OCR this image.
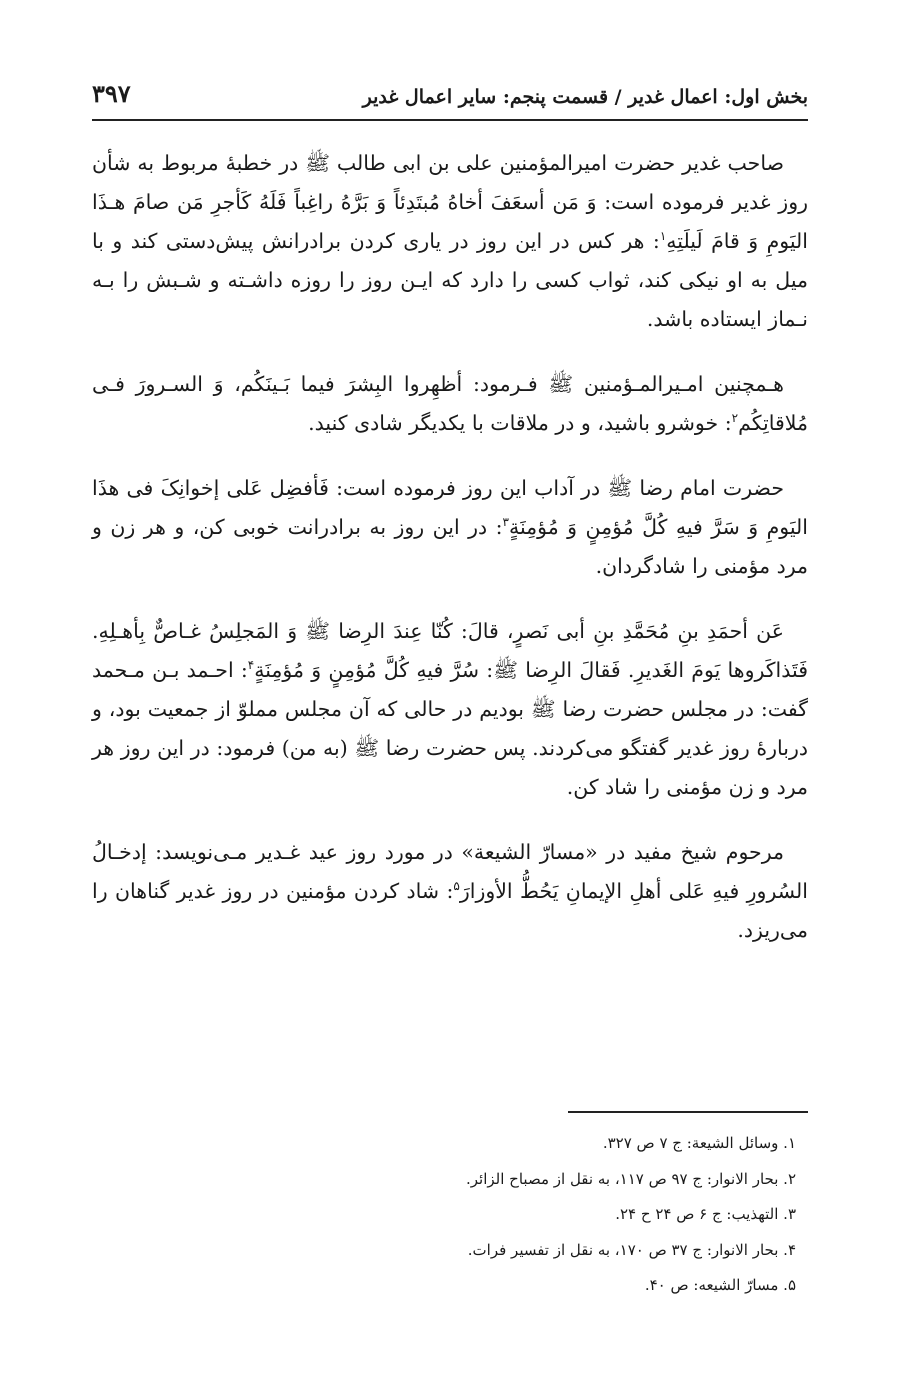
بخش اول: اعمال غدیر / قسمت پنجم: سایر اعمال غدیر
۳۹۷

صاحب غدیر حضرت امیرالمؤمنین علی بن ابی طالب ﷺ در خطبهٔ مربوط به شأن روز غدیر فرموده است: وَ مَن أسعَفَ أخاهُ مُبتَدِئاً وَ بَرَّهُ راغِباً فَلَهُ کَأجرِ مَن صامَ هـذَا اليَومِ وَ قامَ لَيلَتِهِ$^۱$: هر کس در این روز در یاری کردن برادرانش پیش‌دستی کند و با میل به او نیکی کند، ثواب کسی را دارد که ایـن روز را روزه داشـته و شـبش را بـه نـماز ایستاده باشد.

هـمچنین امـیرالمـؤمنین ﷺ فـرمود: أظهِروا البِشرَ فيما بَـينَکُم، وَ السـرورَ فـی مُلاقاتِکُم$^۲$: خوشرو باشید، و در ملاقات با یکدیگر شادی کنید.

حضرت امام رضا ﷺ در آداب این روز فرموده است: فَأفضِل عَلی إخوانِکَ فی هذَا اليَومِ وَ سَرَّ فيهِ کُلَّ مُؤمِنٍ وَ مُؤمِنَةٍ$^۳$: در این روز به برادرانت خوبی کن، و هر زن و مرد مؤمنی را شادگردان.

عَن أحمَدِ بنِ مُحَمَّدِ بنِ أبی نَصرٍ، قالَ: کُنّا عِندَ الرِضا ﷺ وَ المَجلِسُ غـاصٌّ بِأهـلِهِ. فَتَذاکَروها يَومَ الغَديرِ. فَقالَ الرِضا ﷺ: سُرَّ فيهِ کُلَّ مُؤمِنٍ وَ مُؤمِنَةٍ$^۴$: احـمد بـن مـحمد گفت: در مجلس حضرت رضا ﷺ بودیم در حالی که آن مجلس مملوّ از جمعیت بود، و دربارهٔ روز غدیر گفتگو می‌کردند. پس حضرت رضا ﷺ (به من) فرمود: در این روز هر مرد و زن مؤمنی را شاد کن.

مرحوم شیخ مفید در «مسارّ الشیعة» در مورد روز عید غـدیر مـی‌نویسد: إدخـالُ السُرورِ فيهِ عَلی أهلِ الإيمانِ يَحُطُّ الأوزارَ$^۵$: شاد کردن مؤمنین در روز غدیر گناهان را می‌ریزد.

۱. وسائل الشیعة: ج ۷ ص ۳۲۷.
۲. بحار الانوار: ج ۹۷ ص ۱۱۷، به نقل از مصباح الزائر.
۳. التهذیب: ج ۶ ص ۲۴ ح ۲۴.
۴. بحار الانوار: ج ۳۷ ص ۱۷۰، به نقل از تفسیر فرات.
۵. مسارّ الشیعه: ص ۴۰.
